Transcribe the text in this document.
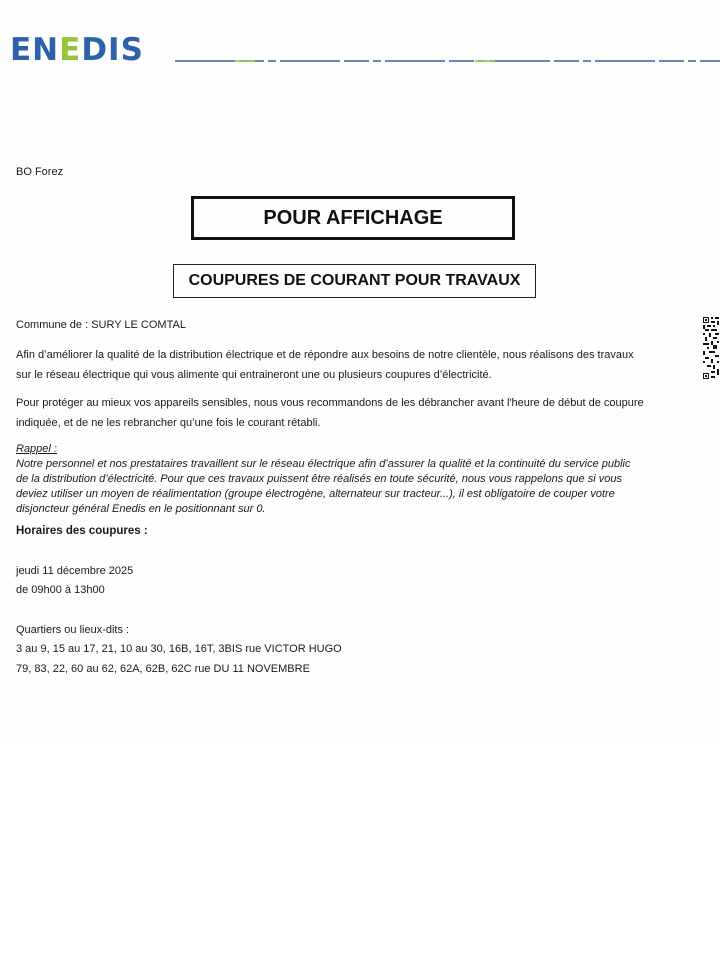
ENEDIS
BO Forez
POUR AFFICHAGE
COUPURES DE COURANT POUR TRAVAUX
Commune de : SURY LE COMTAL
Afin d’améliorer la qualité de la distribution électrique et de répondre aux besoins de notre clientèle, nous réalisons des travaux
sur le réseau électrique qui vous alimente qui entraineront une ou plusieurs coupures d’électricité.
Pour protéger au mieux vos appareils sensibles, nous vous recommandons de les débrancher avant l'heure de début de coupure
indiquée, et de ne les rebrancher qu’une fois le courant rétabli.
Rappel :
Notre personnel et nos prestataires travaillent sur le réseau électrique afin d’assurer la qualité et la continuité du service public
de la distribution d’électricité. Pour que ces travaux puissent être réalisés en toute sécurité, nous vous rappelons que si vous
deviez utiliser un moyen de réalimentation (groupe électrogène, alternateur sur tracteur...), il est obligatoire de couper votre
disjoncteur général Enedis en le positionnant sur 0.
Horaires des coupures :
jeudi 11 décembre 2025
de 09h00 à 13h00
Quartiers ou lieux-dits :
3 au 9, 15 au 17, 21, 10 au 30, 16B, 16T, 3BIS rue VICTOR HUGO
79, 83, 22, 60 au 62, 62A, 62B, 62C rue DU 11 NOVEMBRE
